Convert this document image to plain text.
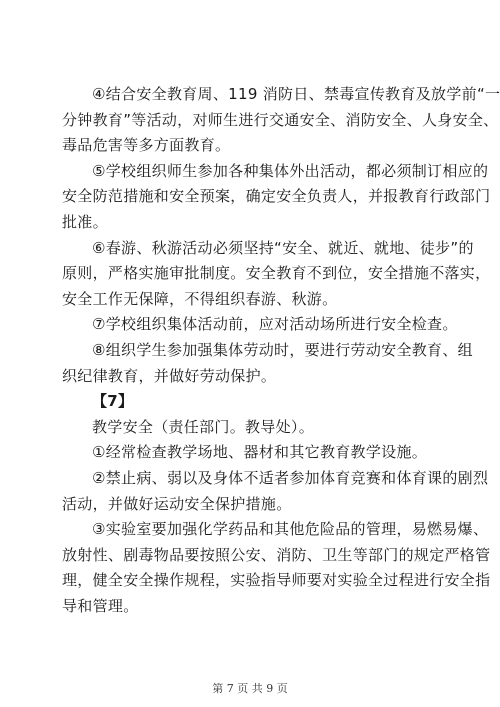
④结合安全教育周、119 消防日、禁毒宣传教育及放学前“一
分钟教育”等活动，对师生进行交通安全、消防安全、人身安全、
毒品危害等多方面教育。
⑤学校组织师生参加各种集体外出活动，都必须制订相应的
安全防范措施和安全预案，确定安全负责人，并报教育行政部门
批准。
⑥春游、秋游活动必须坚持“安全、就近、就地、徒步”的
原则，严格实施审批制度。安全教育不到位，安全措施不落实，
安全工作无保障，不得组织春游、秋游。
⑦学校组织集体活动前，应对活动场所进行安全检查。
⑧组织学生参加强集体劳动时，要进行劳动安全教育、组
织纪律教育，并做好劳动保护。
【7】
教学安全（责任部门。教导处）。
①经常检查教学场地、器材和其它教育教学设施。
②禁止病、弱以及身体不适者参加体育竞赛和体育课的剧烈
活动，并做好运动安全保护措施。
③实验室要加强化学药品和其他危险品的管理，易燃易爆、
放射性、剧毒物品要按照公安、消防、卫生等部门的规定严格管
理，健全安全操作规程，实验指导师要对实验全过程进行安全指
导和管理。
第 7 页 共 9 页
